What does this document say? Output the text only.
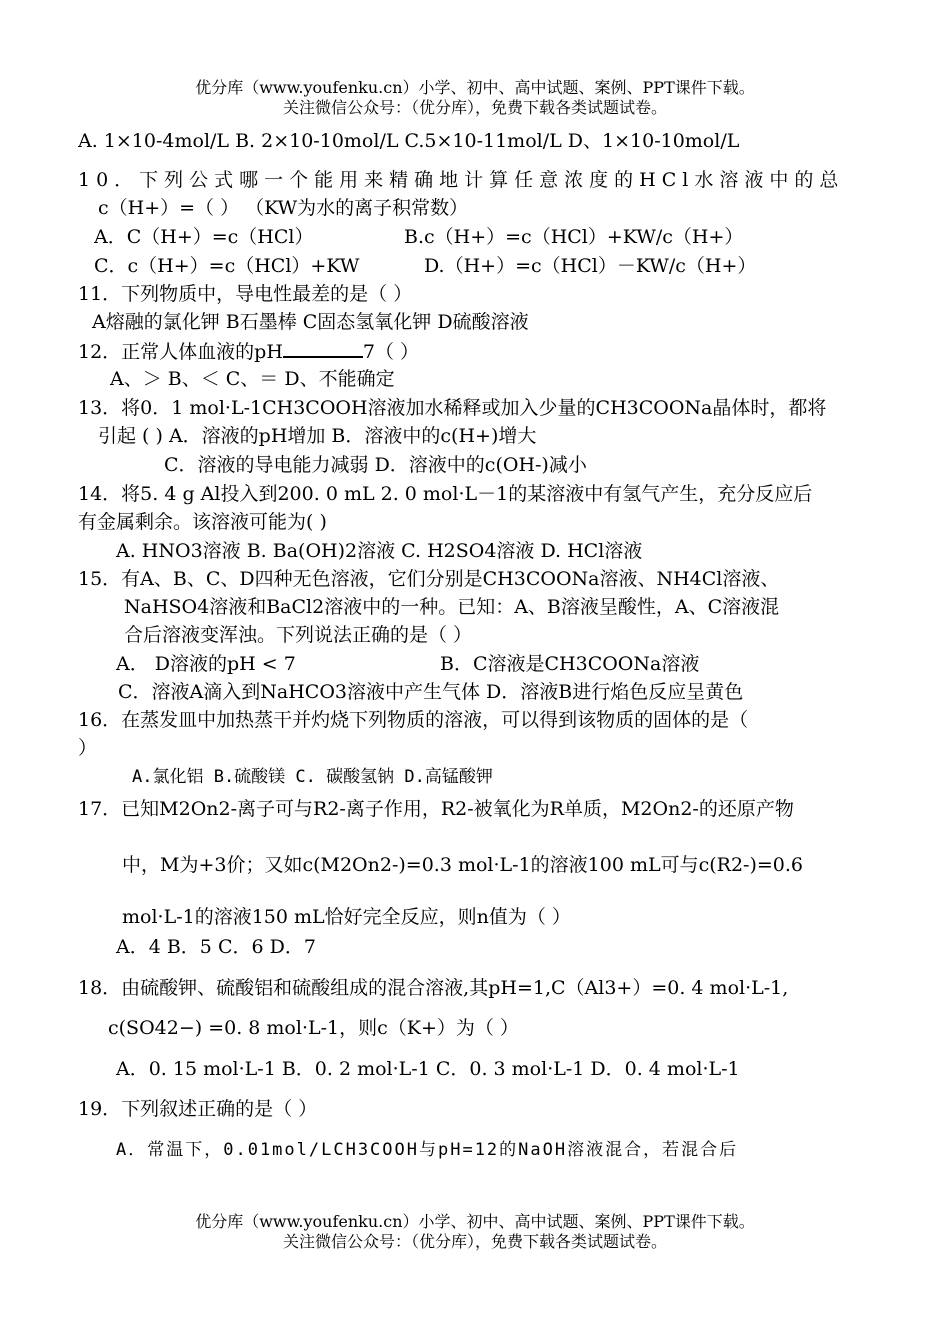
优分库（www.youfenku.cn）小学、初中、高中试题、案例、PPT课件下载。
关注微信公众号：（优分库），免费下载各类试题试卷。
A. 1×10-4mol/L B. 2×10-10mol/L C.5×10-11mol/L D、1×10-10mol/L
10．下列公式哪一个能用来精确地计算任意浓度的HCl水溶液中的总
c（H+）=（ ） （KW为水的离子积常数）
A．C（H+）=c（HCl）	B.c（H+）=c（HCl）+KW/c（H+）
C．c（H+）=c（HCl）+KW	D.（H+）=c（HCl）－KW/c（H+）
11．下列物质中，导电性最差的是（ ）
A熔融的氯化钾 B石墨棒 C固态氢氧化钾 D硫酸溶液
12．正常人体血液的pH	7（ ）
A、＞ B、＜ C、＝ D、不能确定
13．将0．1 mol·L-1CH3COOH溶液加水稀释或加入少量的CH3COONa晶体时，都将
引起 ( ) A．溶液的pH增加 B．溶液中的c(H+)增大
C．溶液的导电能力减弱 D．溶液中的c(OH-)减小
14．将5. 4 g Al投入到200. 0 mL 2. 0 mol·L－1的某溶液中有氢气产生，充分反应后
有金属剩余。该溶液可能为( )
A. HNO3溶液 B. Ba(OH)2溶液 C. H2SO4溶液 D. HCl溶液
15．有A、B、C、D四种无色溶液，它们分别是CH3COONa溶液、NH4Cl溶液、
NaHSO4溶液和BaCl2溶液中的一种。已知：A、B溶液呈酸性，A、C溶液混
合后溶液变浑浊。下列说法正确的是（ ）
A． D溶液的pH < 7	B．C溶液是CH3COONa溶液
C．溶液A滴入到NaHCO3溶液中产生气体 D．溶液B进行焰色反应呈黄色
16．在蒸发皿中加热蒸干并灼烧下列物质的溶液，可以得到该物质的固体的是（
）
A.氯化铝 B.硫酸镁 C. 碳酸氢钠 D.高锰酸钾
17．已知M2On2-离子可与R2-离子作用，R2-被氧化为R单质，M2On2-的还原产物
中，M为+3价；又如c(M2On2-)=0.3 mol·L-1的溶液100 mL可与c(R2-)=0.6
mol·L-1的溶液150 mL恰好完全反应，则n值为（ ）
A．4 B．5 C．6 D．7
18．由硫酸钾、硫酸铝和硫酸组成的混合溶液,其pH=1,C（Al3+）=0. 4 mol·L-1,
c(SO42−) =0. 8 mol·L-1，则c（K+）为（ ）
A．0. 15 mol·L-1 B．0. 2 mol·L-1 C．0. 3 mol·L-1 D．0. 4 mol·L-1
19．下列叙述正确的是（ ）
A．常温下，0.01mol/LCH3COOH与pH=12的NaOH溶液混合，若混合后
优分库（www.youfenku.cn）小学、初中、高中试题、案例、PPT课件下载。
关注微信公众号：（优分库），免费下载各类试题试卷。
